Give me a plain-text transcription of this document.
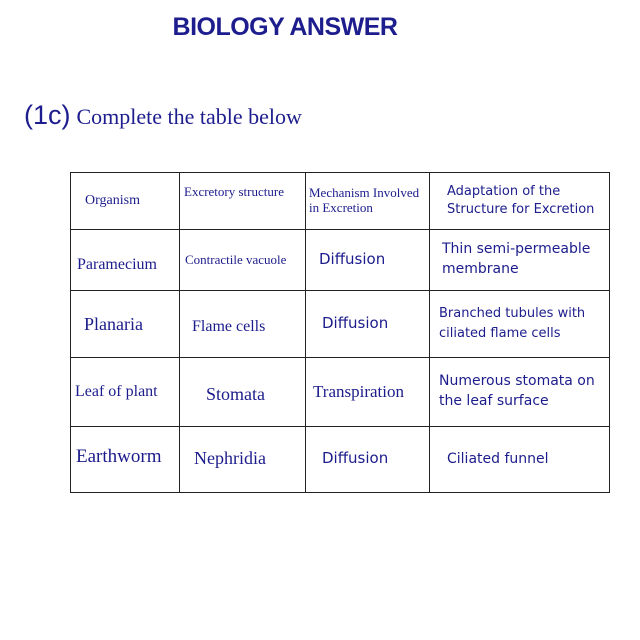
BIOLOGY ANSWER
(1c) Complete the table below
Organism	Excretory structure	Mechanism Involved in Excretion	Adaptation of the Structure for Excretion

Paramecium	Contractile vacuole	Diffusion	Thin semi-permeable membrane

Planaria	Flame cells	Diffusion	Branched tubules with ciliated flame cells

Leaf of plant	Stomata	Transpiration	Numerous stomata on the leaf surface

Earthworm	Nephridia	Diffusion	Ciliated funnel
